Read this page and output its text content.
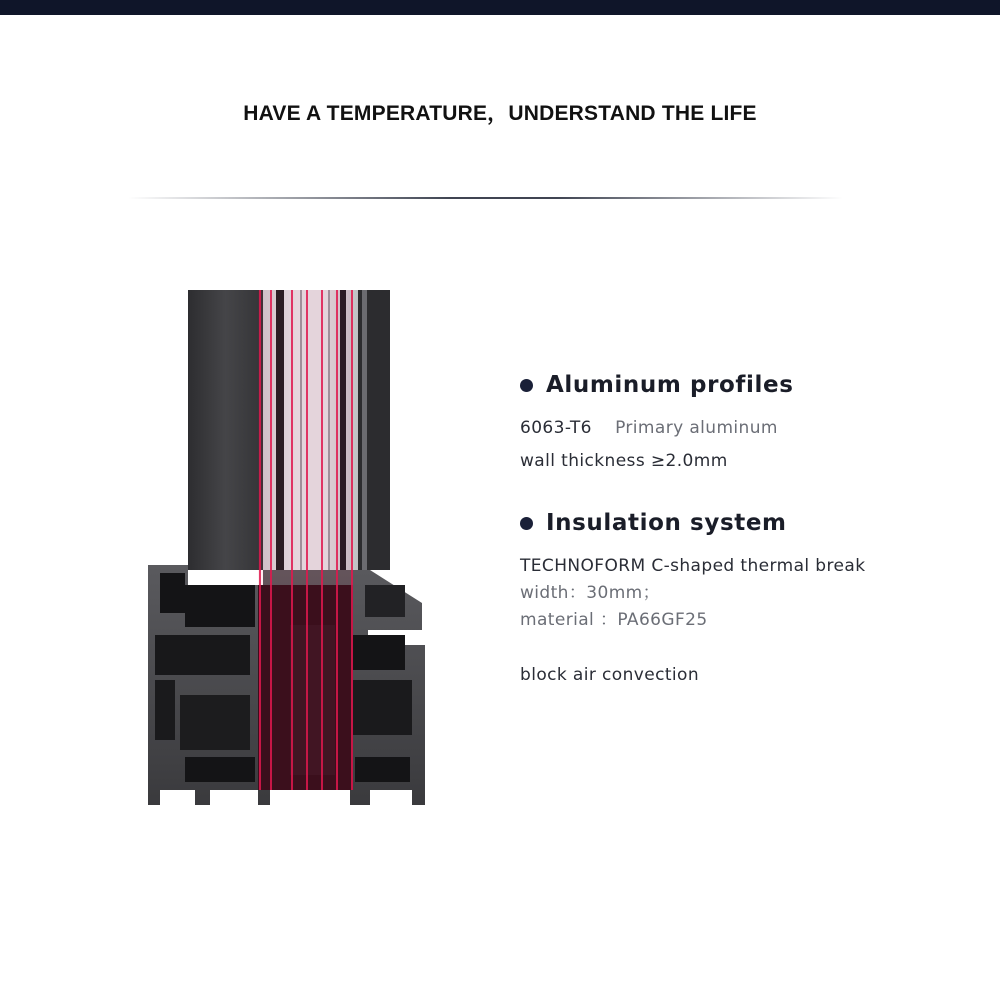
HAVE A TEMPERATURE，UNDERSTAND THE LIFE
Aluminum profiles
6063-T6 Primary aluminum
wall thickness ≥2.0mm
Insulation system
TECHNOFORM C-shaped thermal break
width：30mm；
material ：PA66GF25
block air convection
